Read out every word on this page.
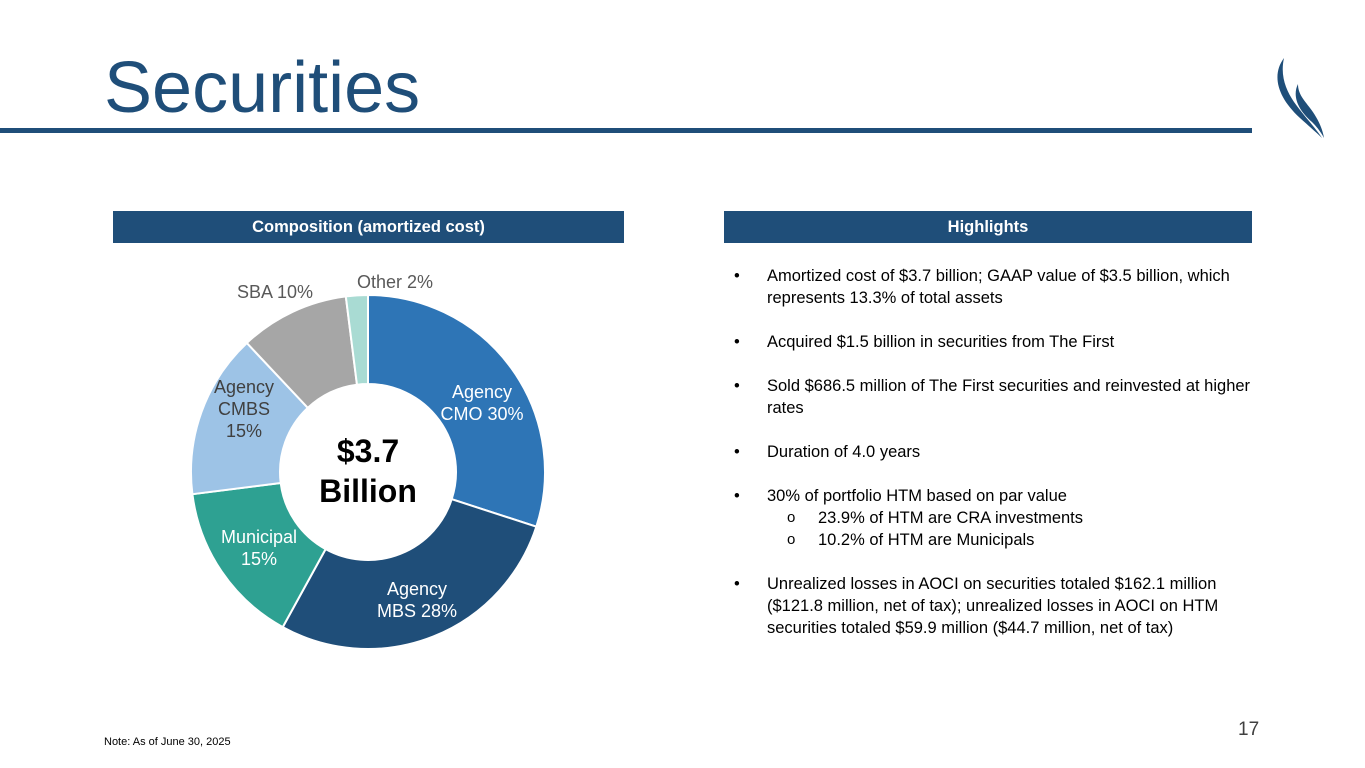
Securities
Composition (amortized cost)	Highlights
Agency CMO 30%
Agency MBS 28%
Municipal 15%
Agency CMBS 15%
SBA 10% Other 2%
$3.7 Billion
• Amortized cost of $3.7 billion; GAAP value of $3.5 billion, which represents 13.3% of total assets
• Acquired $1.5 billion in securities from The First
• Sold $686.5 million of The First securities and reinvested at higher rates
• Duration of 4.0 years
• 30% of portfolio HTM based on par value
o 23.9% of HTM are CRA investments
o 10.2% of HTM are Municipals
• Unrealized losses in AOCI on securities totaled $162.1 million ($121.8 million, net of tax); unrealized losses in AOCI on HTM securities totaled $59.9 million ($44.7 million, net of tax)
Note: As of June 30, 2025
17
